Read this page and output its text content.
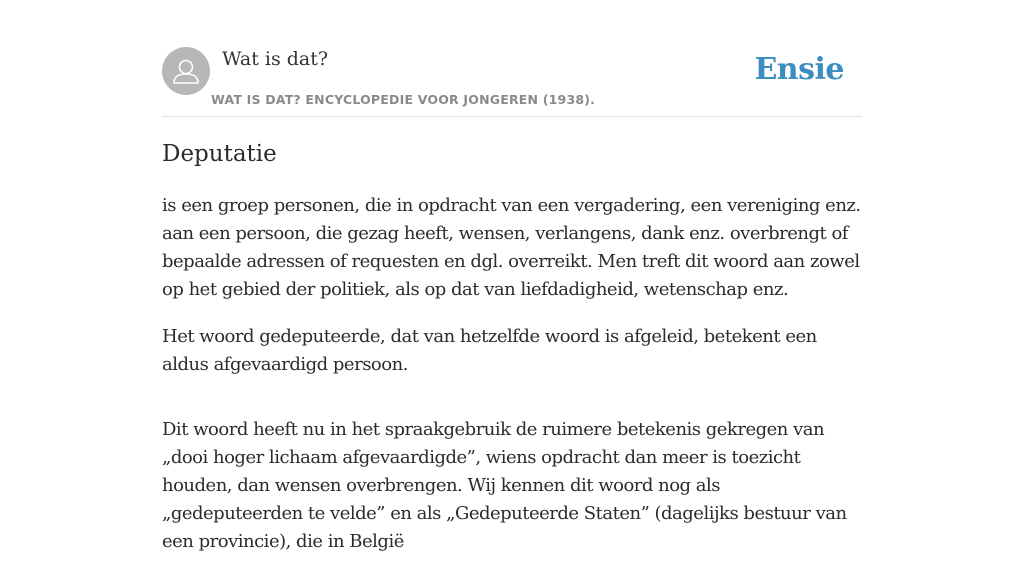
Wat is dat?
WAT IS DAT? ENCYCLOPEDIE VOOR JONGEREN (1938).
Ensie
Deputatie

is een groep personen, die in opdracht van een vergadering, een vereniging enz. aan een persoon, die gezag heeft, wensen, verlangens, dank enz. overbrengt of bepaalde adressen of requesten en dgl. overreikt. Men treft dit woord aan zowel op het gebied der politiek, als op dat van liefdadigheid, wetenschap enz.

Het woord gedeputeerde, dat van hetzelfde woord is afgeleid, betekent een aldus afgevaardigd persoon.

Dit woord heeft nu in het spraakgebruik de ruimere betekenis gekregen van „dooi hoger lichaam afgevaardigde”, wiens opdracht dan meer is toezicht houden, dan wensen overbrengen. Wij kennen dit woord nog als „gedeputeerden te velde” en als „Gedeputeerde Staten” (dagelijks bestuur van een provincie), die in België
